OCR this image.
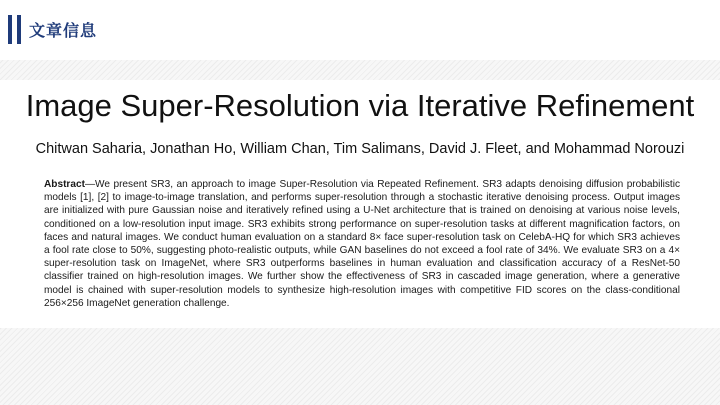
文章信息
Image Super-Resolution via Iterative Refinement
Chitwan Saharia, Jonathan Ho, William Chan, Tim Salimans, David J. Fleet, and Mohammad Norouzi
Abstract—We present SR3, an approach to image Super-Resolution via Repeated Refinement. SR3 adapts denoising diffusion probabilistic models [1], [2] to image-to-image translation, and performs super-resolution through a stochastic iterative denoising process. Output images are initialized with pure Gaussian noise and iteratively refined using a U-Net architecture that is trained on denoising at various noise levels, conditioned on a low-resolution input image. SR3 exhibits strong performance on super-resolution tasks at different magnification factors, on faces and natural images. We conduct human evaluation on a standard 8× face super-resolution task on CelebA-HQ for which SR3 achieves a fool rate close to 50%, suggesting photo-realistic outputs, while GAN baselines do not exceed a fool rate of 34%. We evaluate SR3 on a 4× super-resolution task on ImageNet, where SR3 outperforms baselines in human evaluation and classification accuracy of a ResNet-50 classifier trained on high-resolution images. We further show the effectiveness of SR3 in cascaded image generation, where a generative model is chained with super-resolution models to synthesize high-resolution images with competitive FID scores on the class-conditional 256×256 ImageNet generation challenge.
